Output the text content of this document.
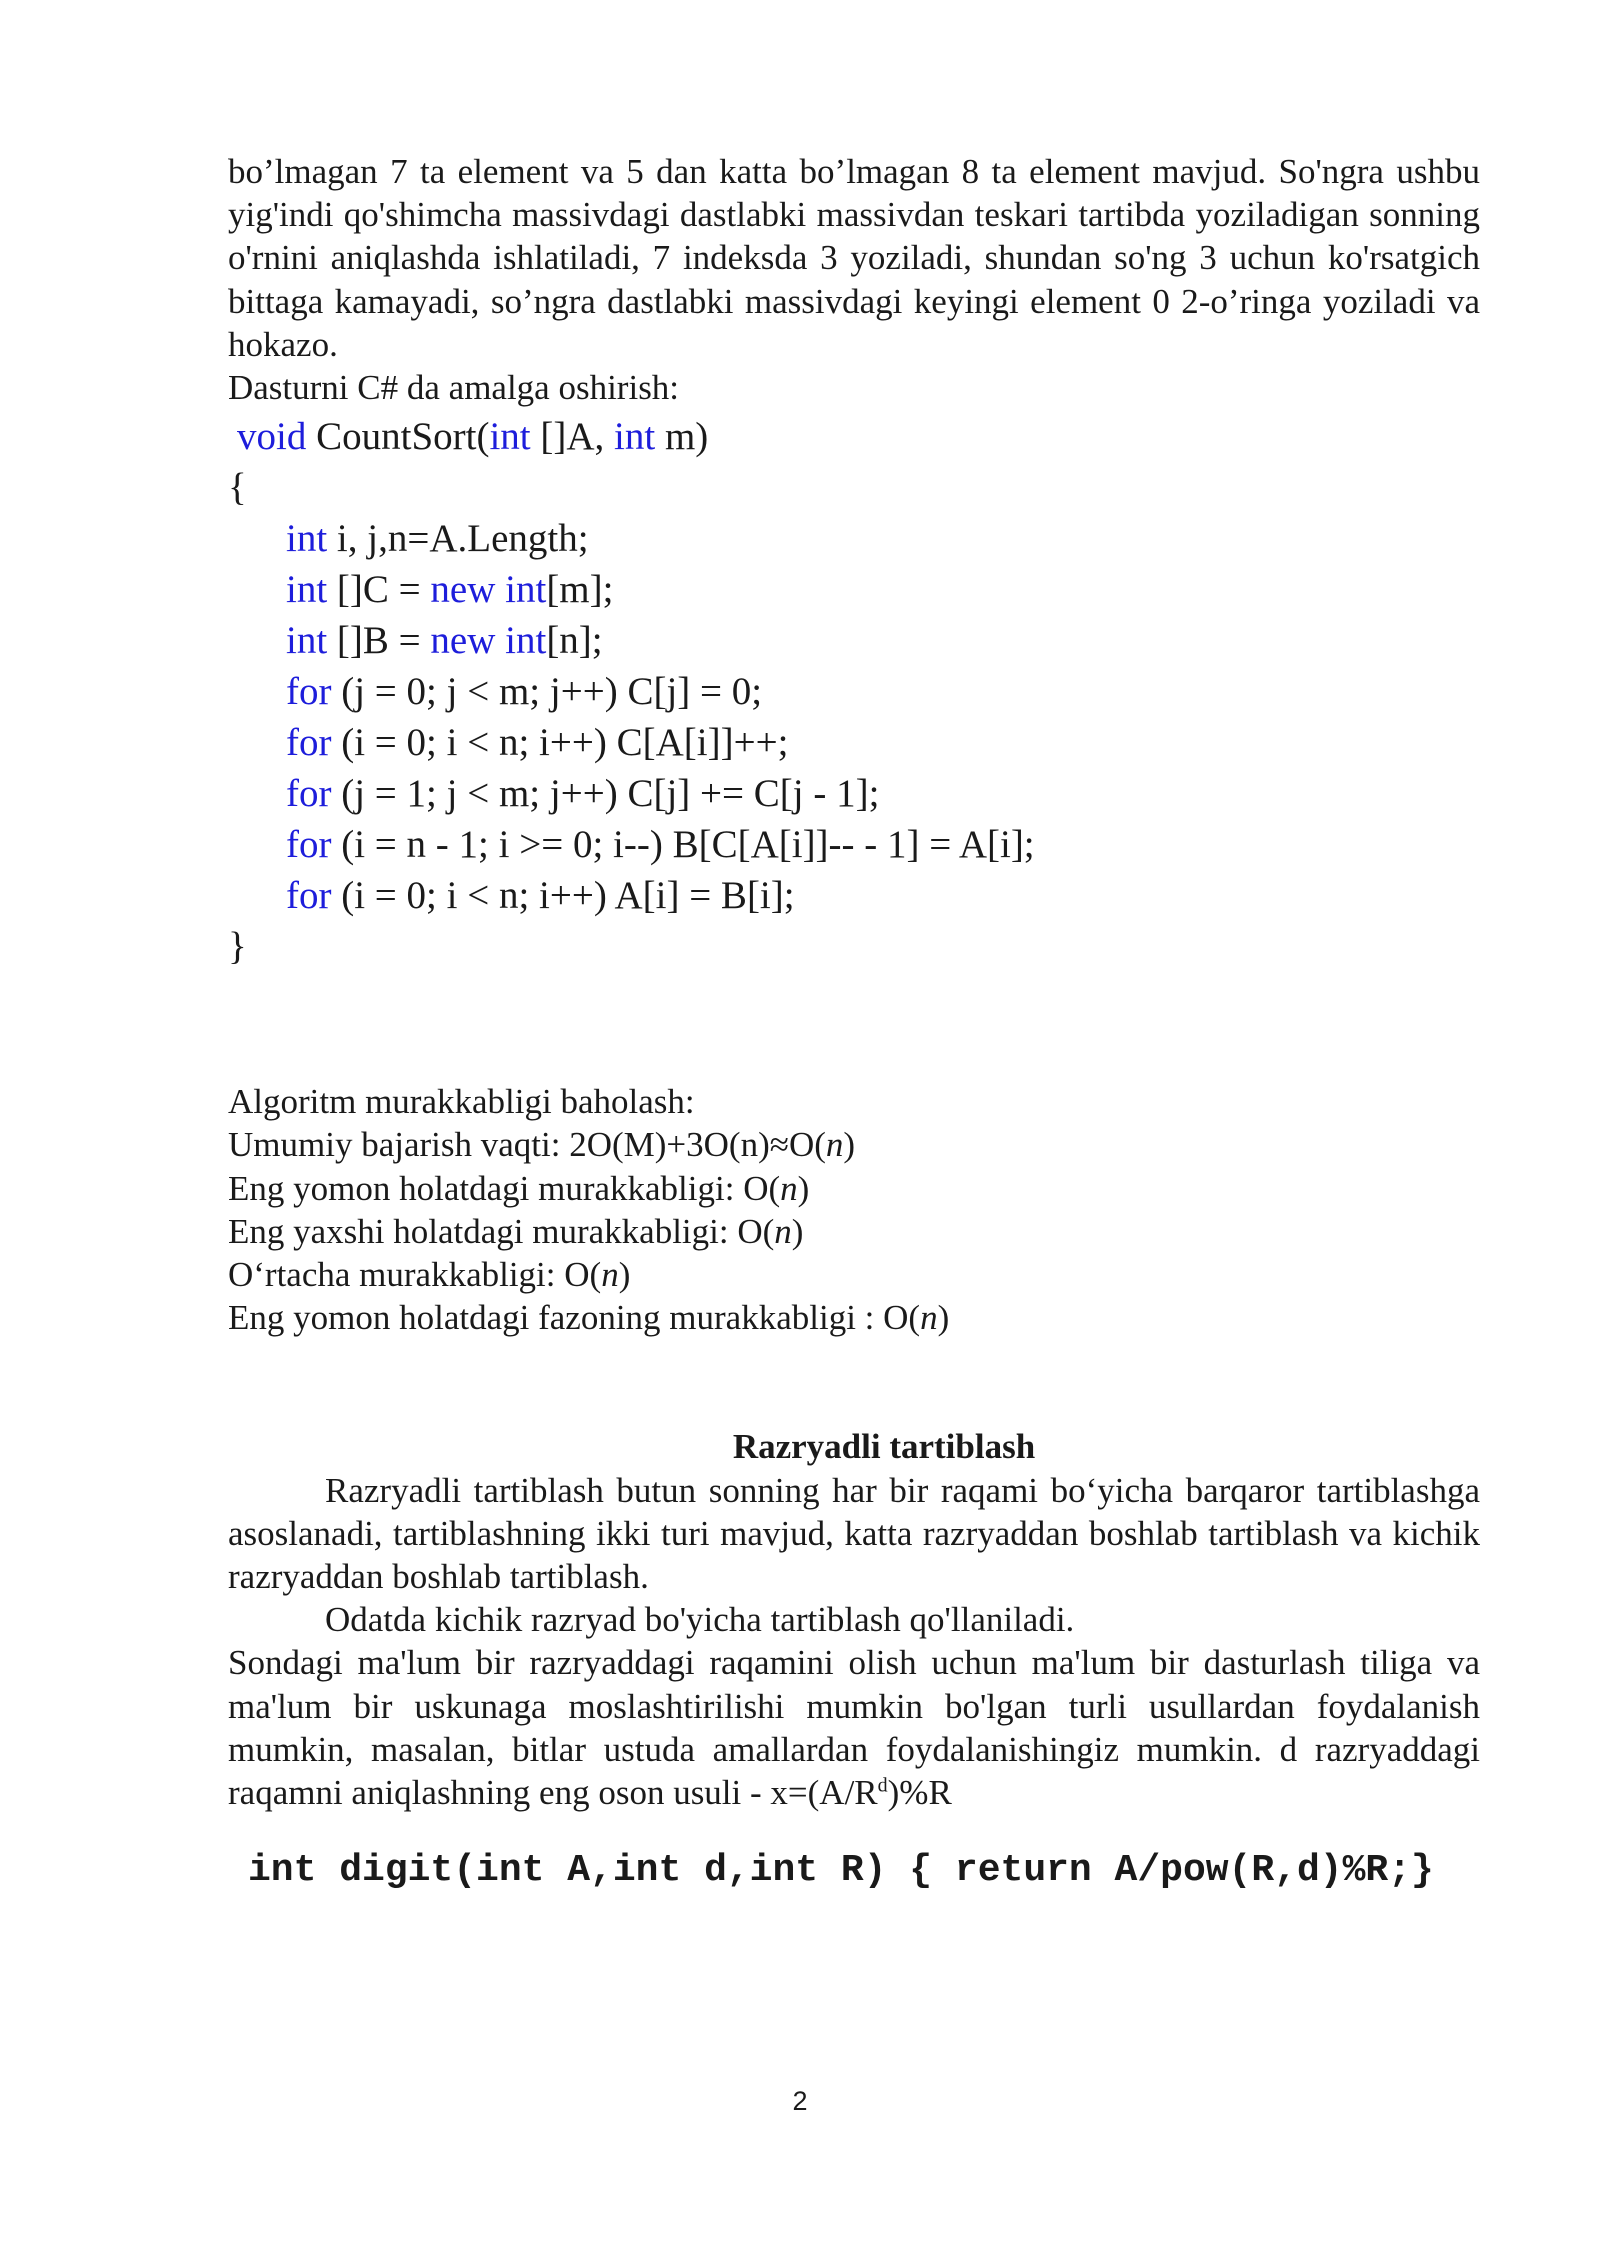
bo’lmagan 7 ta element va 5 dan katta bo’lmagan 8 ta element mavjud. So'ngra ushbu yig'indi qo'shimcha massivdagi dastlabki massivdan teskari tartibda yoziladigan sonning o'rnini aniqlashda ishlatiladi, 7 indeksda 3 yoziladi, shundan so'ng 3 uchun ko'rsatgich bittaga kamayadi, so’ngra dastlabki massivdagi keyingi element 0 2-o’ringa yoziladi va hokazo.

Dasturni C# da amalga oshirish:

void CountSort(int []A, int m)
{
int i, j,n=A.Length;
int []C = new int[m];
int []B = new int[n];
for (j = 0; j < m; j++) C[j] = 0;
for (i = 0; i < n; i++) C[A[i]]++;
for (j = 1; j < m; j++) C[j] += C[j - 1];
for (i = n - 1; i >= 0; i--) B[C[A[i]]-- - 1] = A[i];
for (i = 0; i < n; i++) A[i] = B[i];
}

Algoritm murakkabligi baholash:

Umumiy bajarish vaqti: 2O(M)+3O(n)≈O(n)

Eng yomon holatdagi murakkabligi: O(n)

Eng yaxshi holatdagi murakkabligi: O(n)

O‘rtacha murakkabligi: O(n)

Eng yomon holatdagi fazoning murakkabligi : O(n)

Razryadli tartiblash

Razryadli tartiblash butun sonning har bir raqami bo‘yicha barqaror tartiblashga asoslanadi, tartiblashning ikki turi mavjud, katta razryaddan boshlab tartiblash va kichik razryaddan boshlab tartiblash.

Odatda kichik razryad bo'yicha tartiblash qo'llaniladi.

Sondagi ma'lum bir razryaddagi raqamini olish uchun ma'lum bir dasturlash tiliga va ma'lum bir uskunaga moslashtirilishi mumkin bo'lgan turli usullardan foydalanish mumkin, masalan, bitlar ustuda amallardan foydalanishingiz mumkin. d razryaddagi raqamni aniqlashning eng oson usuli - $x=(A/R^d)\%R$

int digit(int A,int d,int R) { return A/pow(R,d)%R;}
2
